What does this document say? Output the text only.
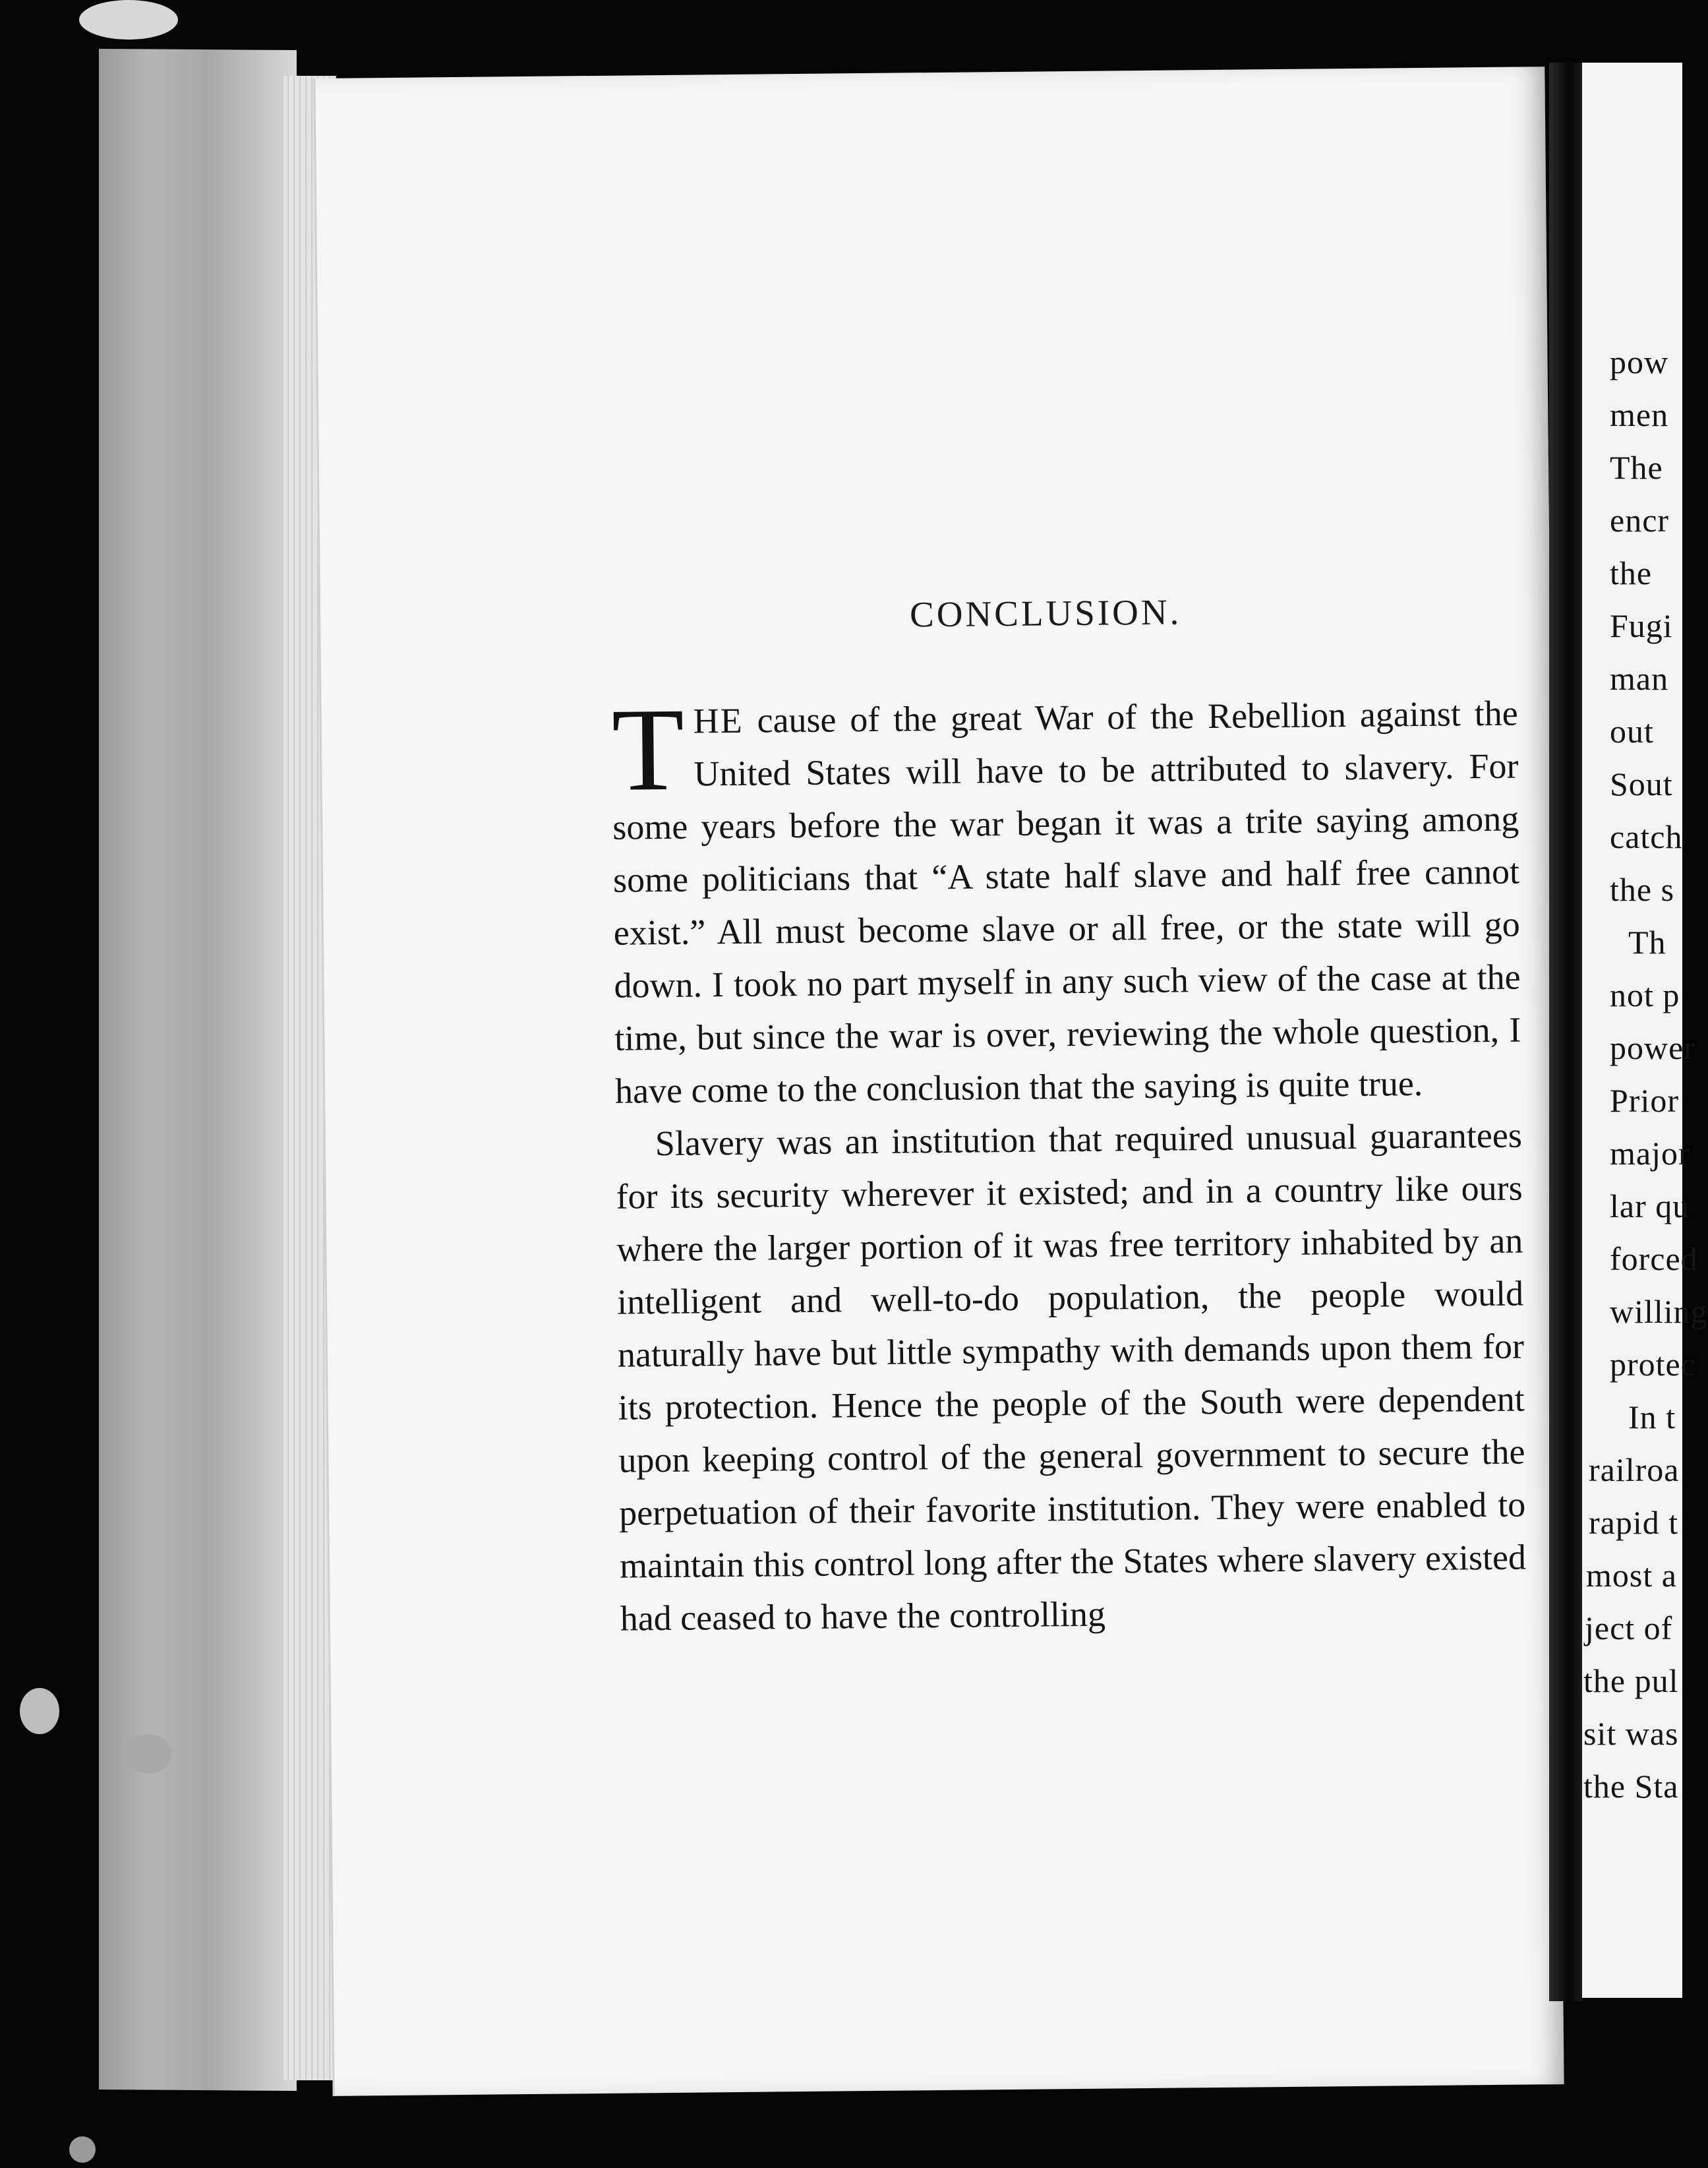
CONCLUSION.

THE cause of the great War of the Rebellion against the United States will have to be attributed to slavery. For some years before the war began it was a trite saying among some politicians that “A state half slave and half free cannot exist.” All must become slave or all free, or the state will go down. I took no part myself in any such view of the case at the time, but since the war is over, reviewing the whole question, I have come to the conclusion that the saying is quite true.

Slavery was an institution that required unusual guarantees for its security wherever it existed; and in a country like ours where the larger portion of it was free territory inhabited by an intelligent and well-to-do population, the people would naturally have but little sympathy with demands upon them for its protection. Hence the people of the South were dependent upon keeping control of the general government to secure the perpetuation of their favorite institution. They were enabled to maintain this control long after the States where slavery existed had ceased to have the controlling

pow
men
The
encr
the
Fugi
man
out
Sout
catch
the s
Th
not p
power
Prior
major
lar qu
forced
willing
protec
In t
railroa
rapid t
most a
ject of
the pul
sit was
the Sta
